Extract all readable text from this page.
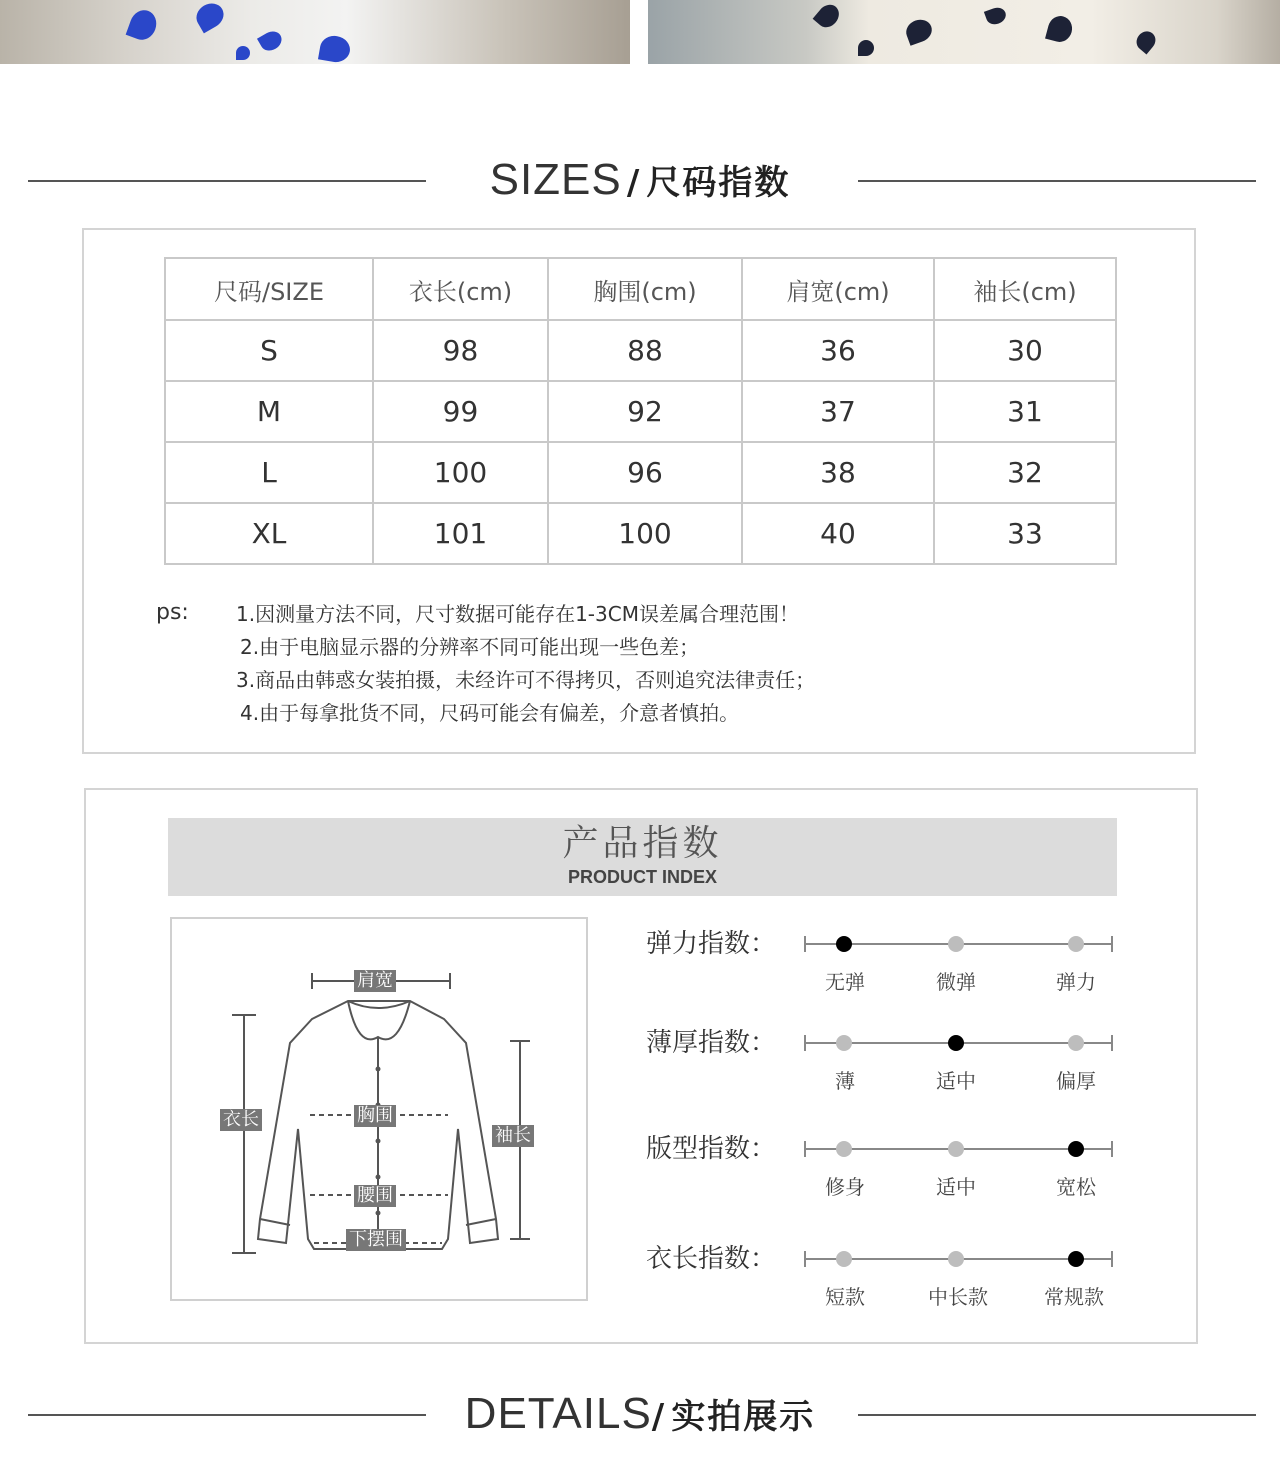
SIZES / 尺码指数
尺码/SIZE	衣长(cm)	胸围(cm)	肩宽(cm)	袖长(cm)
S	98	88	36	30
M	99	92	37	31
L	100	96	38	32
XL	101	100	40	33
ps: 1.因测量方法不同，尺寸数据可能存在1-3CM误差属合理范围！
2.由于电脑显示器的分辨率不同可能出现一些色差；
3.商品由韩惑女装拍摄，未经许可不得拷贝，否则追究法律责任；
4.由于每拿批货不同，尺码可能会有偏差，介意者慎拍。
产品指数
PRODUCT INDEX
肩宽
衣长	胸围
袖长
腰围
下摆围
弹力指数：
无弹	微弹	弹力
薄厚指数：
薄	适中	偏厚
版型指数：
修身	适中	宽松
衣长指数：
短款	中长款	常规款
DETAILS/ 实拍展示
